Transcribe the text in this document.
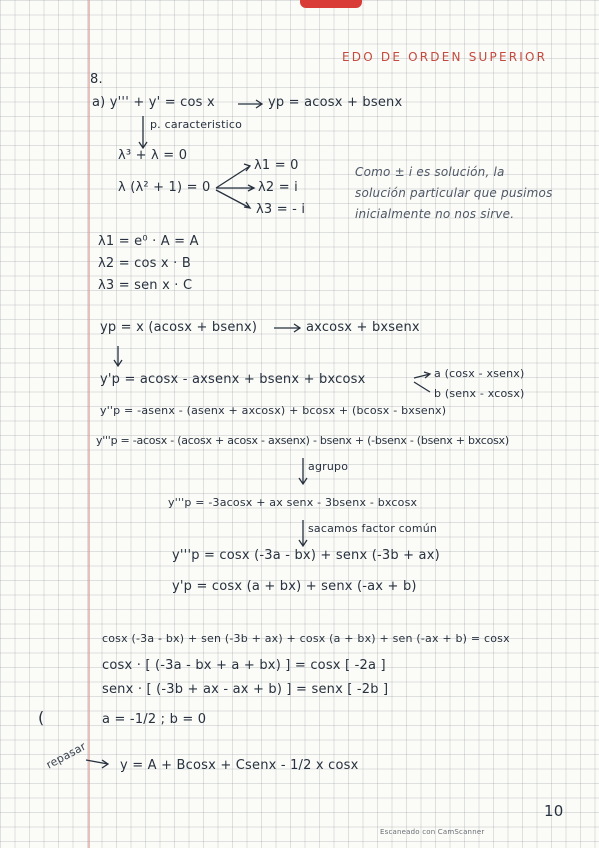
8.
EDO DE ORDEN SUPERIOR
a) y''' + y' = cos x	yp = acosx + bsenx
p. caracteristico
λ³ + λ = 0
λ (λ² + 1) = 0
λ1 = 0
λ2 = i
λ3 = - i
Como ± i es solución, la
solución particular que pusimos
inicialmente no nos sirve.
λ1 = e⁰ · A = A
λ2 = cos x · B
λ3 = sen x · C
yp = x (acosx + bsenx)	axcosx + bxsenx
y'p = acosx - axsenx + bsenx + bxcosx	a (cosx - xsenx)
b (senx - xcosx)
y''p = -asenx - (asenx + axcosx) + bcosx + (bcosx - bxsenx)
y'''p = -acosx - (acosx + acosx - axsenx) - bsenx + (-bsenx - (bsenx + bxcosx)
agrupo
y'''p = -3acosx + ax senx - 3bsenx - bxcosx
sacamos factor común
y'''p = cosx (-3a - bx) + senx (-3b + ax)
y'p = cosx (a + bx) + senx (-ax + b)
cosx (-3a - bx) + sen (-3b + ax) + cosx (a + bx) + sen (-ax + b) = cosx
cosx · [ (-3a - bx + a + bx) ] = cosx [ -2a ]
senx · [ (-3b + ax - ax + b) ] = senx [ -2b ]
(	a = -1/2 ; b = 0
repasar y = A + Bcosx + Csenx - 1/2 x cosx
10
Escaneado con CamScanner
